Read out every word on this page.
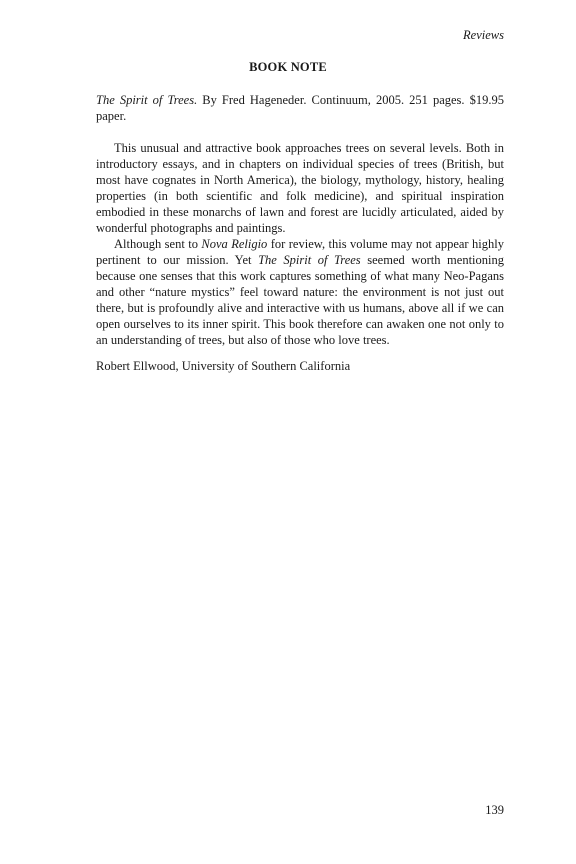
Reviews
BOOK NOTE

The Spirit of Trees. By Fred Hageneder. Continuum, 2005. 251 pages. $19.95 paper.

This unusual and attractive book approaches trees on several levels. Both in introductory essays, and in chapters on individual species of trees (British, but most have cognates in North America), the biology, mythology, history, healing properties (in both scientific and folk medicine), and spiritual inspiration embodied in these monarchs of lawn and forest are lucidly articulated, aided by wonderful photographs and paintings.

Although sent to Nova Religio for review, this volume may not appear highly pertinent to our mission. Yet The Spirit of Trees seemed worth mentioning because one senses that this work captures something of what many Neo-Pagans and other “nature mystics” feel toward nature: the environment is not just out there, but is profoundly alive and interactive with us humans, above all if we can open ourselves to its inner spirit. This book therefore can awaken one not only to an understanding of trees, but also of those who love trees.

Robert Ellwood, University of Southern California

139
